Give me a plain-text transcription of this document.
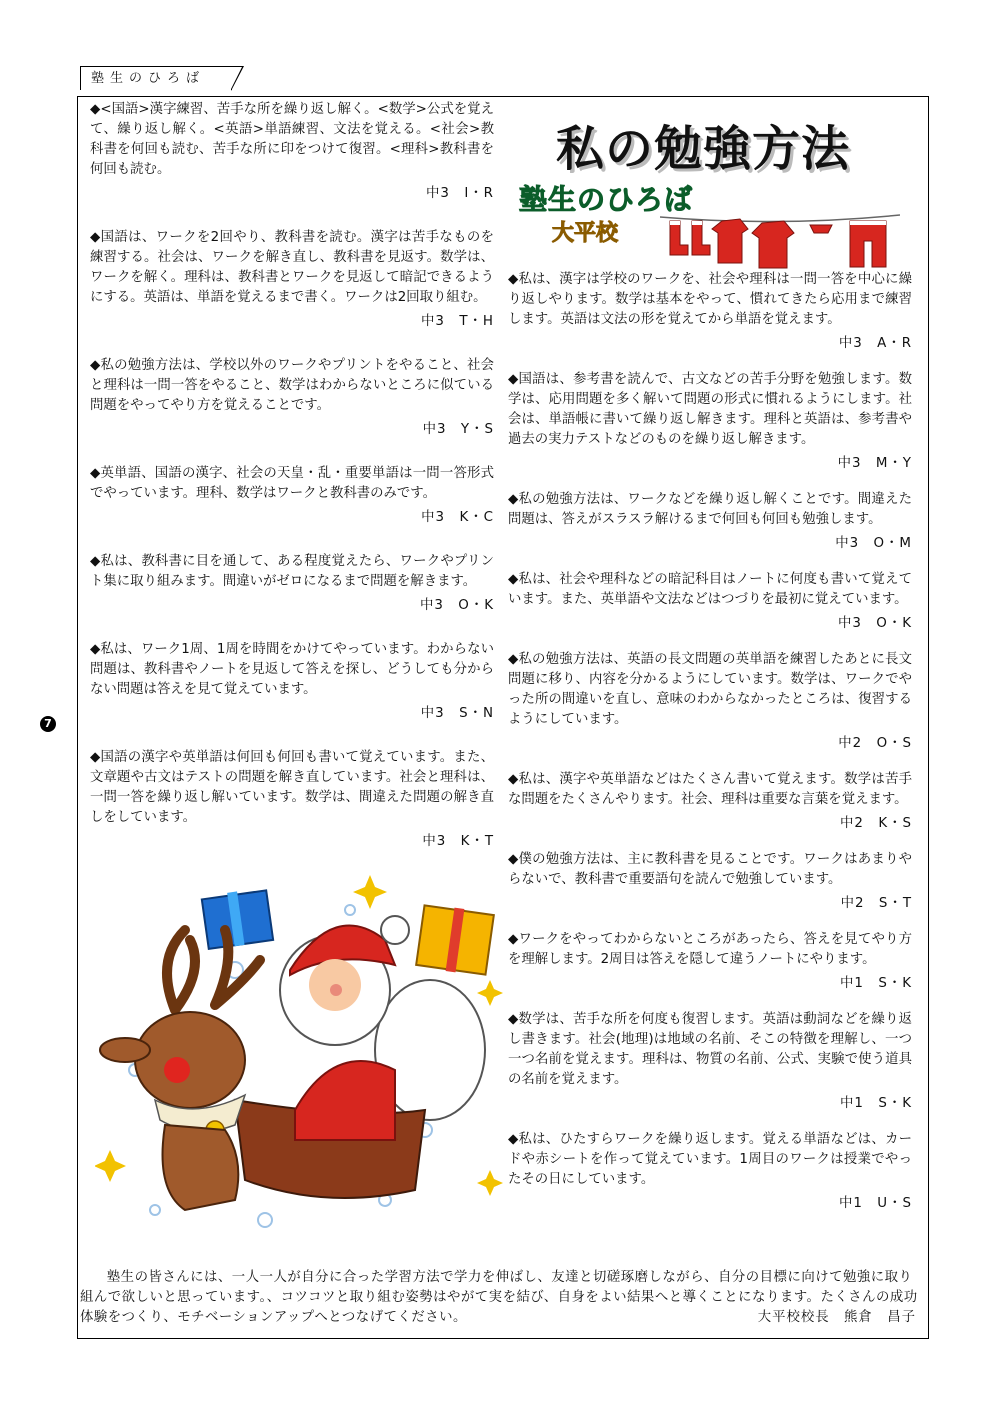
塾生のひろば
7
私の勉強方法
塾生のひろば
大平校

◆<国語>漢字練習、苦手な所を繰り返し解く。<数学>公式を覚えて、繰り返し解く。<英語>単語練習、文法を覚える。<社会>教科書を何回も読む、苦手な所に印をつけて復習。<理科>教科書を何回も読む。

中3　I・R

◆国語は、ワークを2回やり、教科書を読む。漢字は苦手なものを練習する。社会は、ワークを解き直し、教科書を見返す。数学は、ワークを解く。理科は、教科書とワークを見返して暗記できるようにする。英語は、単語を覚えるまで書く。ワークは2回取り組む。

中3　T・H

◆私の勉強方法は、学校以外のワークやプリントをやること、社会と理科は一問一答をやること、数学はわからないところに似ている問題をやってやり方を覚えることです。

中3　Y・S

◆英単語、国語の漢字、社会の天皇・乱・重要単語は一問一答形式でやっています。理科、数学はワークと教科書のみです。

中3　K・C

◆私は、教科書に目を通して、ある程度覚えたら、ワークやプリント集に取り組みます。間違いがゼロになるまで問題を解きます。

中3　O・K

◆私は、ワーク1周、1周を時間をかけてやっています。わからない問題は、教科書やノートを見返して答えを探し、どうしても分からない問題は答えを見て覚えています。

中3　S・N

◆国語の漢字や英単語は何回も何回も書いて覚えています。また、文章題や古文はテストの問題を解き直しています。社会と理科は、一問一答を繰り返し解いています。数学は、間違えた問題の解き直しをしています。

中3　K・T

◆私は、漢字は学校のワークを、社会や理科は一問一答を中心に繰り返しやります。数学は基本をやって、慣れてきたら応用まで練習します。英語は文法の形を覚えてから単語を覚えます。

中3　A・R

◆国語は、参考書を読んで、古文などの苦手分野を勉強します。数学は、応用問題を多く解いて問題の形式に慣れるようにします。社会は、単語帳に書いて繰り返し解きます。理科と英語は、参考書や過去の実力テストなどのものを繰り返し解きます。

中3　M・Y

◆私の勉強方法は、ワークなどを繰り返し解くことです。間違えた問題は、答えがスラスラ解けるまで何回も何回も勉強します。

中3　O・M

◆私は、社会や理科などの暗記科目はノートに何度も書いて覚えています。また、英単語や文法などはつづりを最初に覚えています。

中3　O・K

◆私の勉強方法は、英語の長文問題の英単語を練習したあとに長文問題に移り、内容を分かるようにしています。数学は、ワークでやった所の間違いを直し、意味のわからなかったところは、復習するようにしています。

中2　O・S

◆私は、漢字や英単語などはたくさん書いて覚えます。数学は苦手な問題をたくさんやります。社会、理科は重要な言葉を覚えます。

中2　K・S

◆僕の勉強方法は、主に教科書を見ることです。ワークはあまりやらないで、教科書で重要語句を読んで勉強しています。

中2　S・T

◆ワークをやってわからないところがあったら、答えを見てやり方を理解します。2周目は答えを隠して違うノートにやります。

中1　S・K

◆数学は、苦手な所を何度も復習します。英語は動詞などを繰り返し書きます。社会(地理)は地域の名前、そこの特徴を理解し、一つ一つ名前を覚えます。理科は、物質の名前、公式、実験で使う道具の名前を覚えます。

中1　S・K

◆私は、ひたすらワークを繰り返します。覚える単語などは、カードや赤シートを作って覚えています。1周目のワークは授業でやったその日にしています。

中1　U・S

塾生の皆さんには、一人一人が自分に合った学習方法で学力を伸ばし、友達と切磋琢磨しながら、自分の目標に向けて勉強に取り組んで欲しいと思っています。、コツコツと取り組む姿勢はやがて実を結び、自身をよい結果へと導くことになります。たくさんの成功体験をつくり、モチベーションアップへとつなげてください。	大平校校長　熊倉　昌子
